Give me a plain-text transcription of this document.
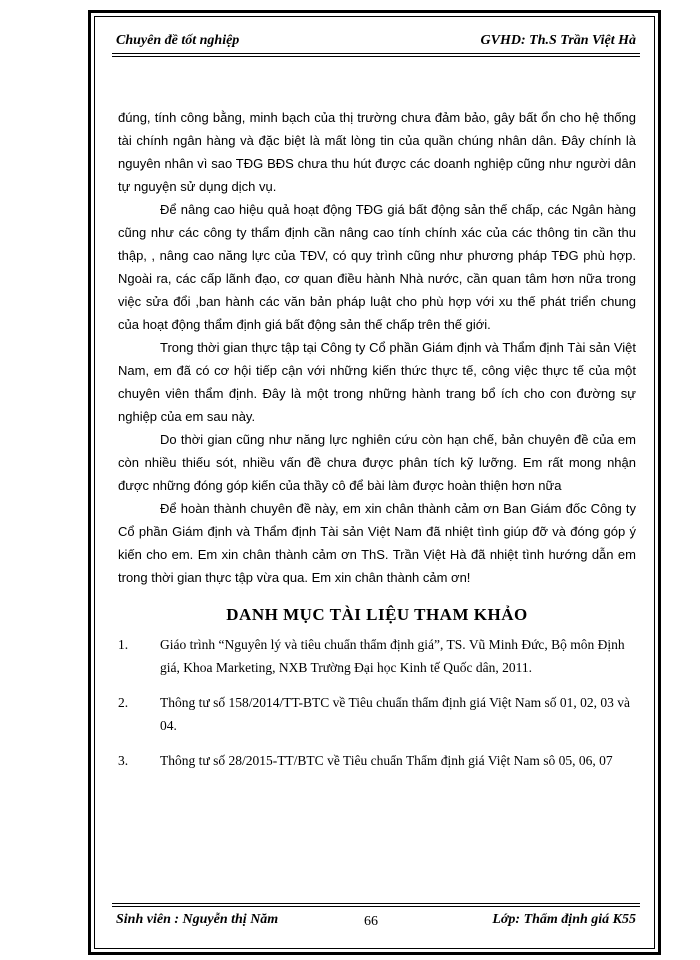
Chuyên đề tốt nghiệp	GVHD: Th.S Trần Việt Hà

đúng, tính công bằng, minh bạch của thị trường chưa đảm bảo, gây bất ổn cho hệ thống tài chính ngân hàng và đặc biệt là mất lòng tin của quần chúng nhân dân. Đây chính là nguyên nhân vì sao TĐG BĐS chưa thu hút được các doanh nghiệp cũng như người dân tự nguyện sử dụng dịch vụ.

Để nâng cao hiệu quả hoạt động TĐG giá bất động sản thế chấp, các Ngân hàng cũng như các công ty thẩm định cần nâng cao tính chính xác của các thông tin cần thu thập, , nâng cao năng lực của TĐV, có quy trình cũng như phương pháp TĐG phù hợp. Ngoài ra, các cấp lãnh đạo, cơ quan điều hành Nhà nước, cần quan tâm hơn nữa trong việc sửa đổi ,ban hành các văn bản pháp luật cho phù hợp với xu thế phát triển chung của hoạt động thẩm định giá bất động sản thế chấp trên thế giới.

Trong thời gian thực tập tại Công ty Cổ phần Giám định và Thẩm định Tài sản Việt Nam, em đã có cơ hội tiếp cận với những kiến thức thực tế, công việc thực tế của một chuyên viên thẩm định. Đây là một trong những hành trang bổ ích cho con đường sự nghiệp của em sau này.

Do thời gian cũng như năng lực nghiên cứu còn hạn chế, bản chuyên đề của em còn nhiều thiếu sót, nhiều vấn đề chưa được phân tích kỹ lưỡng. Em rất mong nhận được những đóng góp kiến của thầy cô để bài làm được hoàn thiện hơn nữa

Để hoàn thành chuyên đề này, em xin chân thành cảm ơn Ban Giám đốc Công ty Cổ phần Giám định và Thẩm định Tài sản Việt Nam đã nhiệt tình giúp đỡ và đóng góp ý kiến cho em. Em xin chân thành cảm ơn ThS. Trần Việt Hà đã nhiệt tình hướng dẫn em trong thời gian thực tập vừa qua. Em xin chân thành cảm ơn!

DANH MỤC TÀI LIỆU THAM KHẢO
1.	Giáo trình “Nguyên lý và tiêu chuẩn thẩm định giá”, TS. Vũ Minh Đức, Bộ môn Định giá, Khoa Marketing, NXB Trường Đại học Kinh tế Quốc dân, 2011.
2.	Thông tư số 158/2014/TT-BTC về Tiêu chuẩn thẩm định giá Việt Nam số 01, 02, 03 và 04.
3.	Thông tư số 28/2015-TT/BTC về Tiêu chuẩn Thẩm định giá Việt Nam sô 05, 06, 07
Sinh viên : Nguyễn thị Năm	66	Lớp: Thẩm định giá K55
